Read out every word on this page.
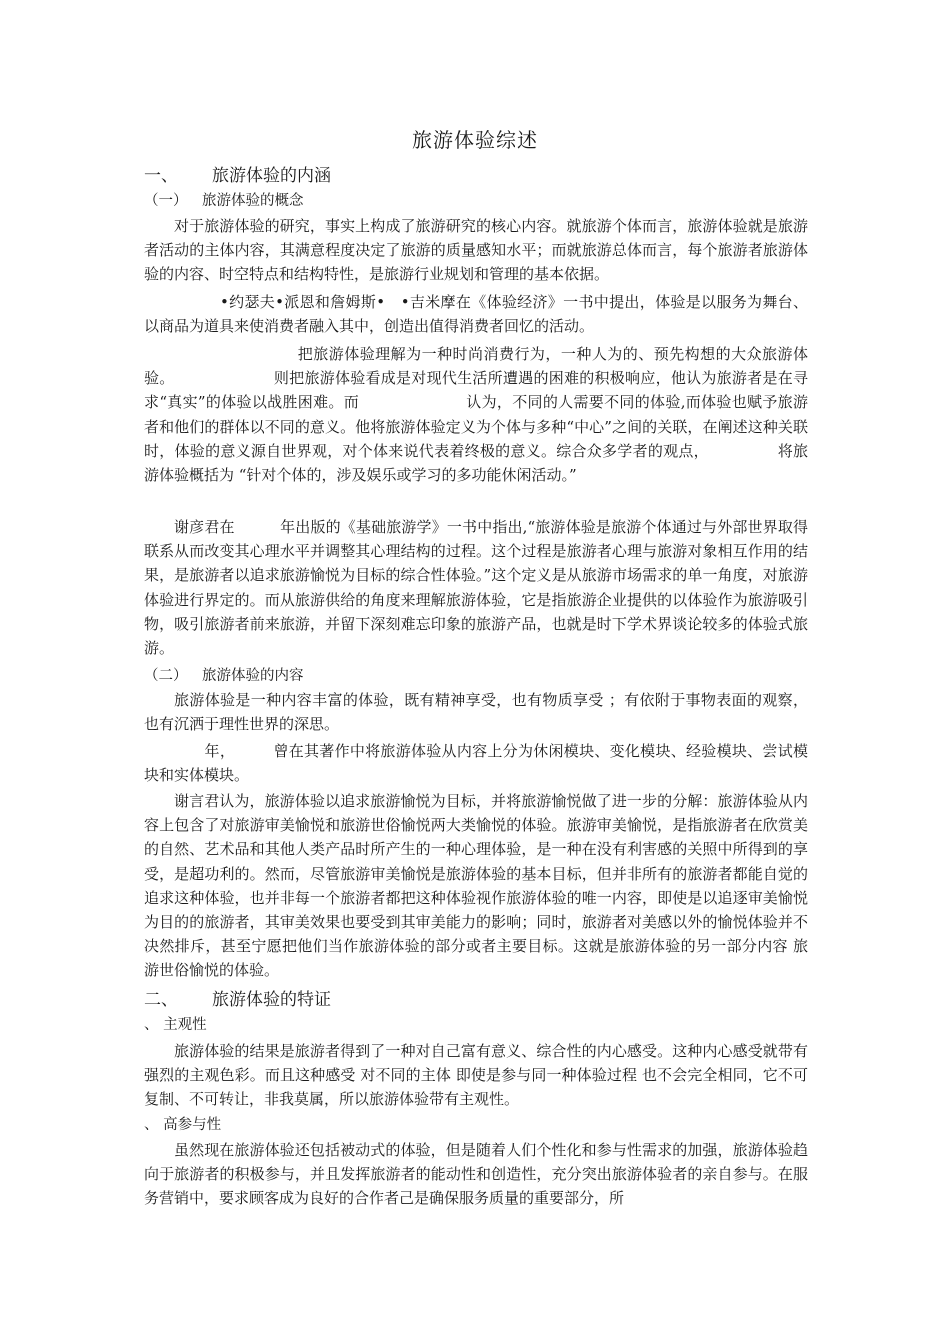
旅游体验综述
一、 旅游体验的内涵
（一） 旅游体验的概念
对于旅游体验的研究，事实上构成了旅游研究的核心内容。就旅游个体而言，旅游体验就是旅游者活动的主体内容，其满意程度决定了旅游的质量感知水平；而就旅游总体而言，每个旅游者旅游体验的内容、时空特点和结构特性，是旅游行业规划和管理的基本依据。
　　　•约瑟夫•派恩和詹姆斯•　•吉米摩在《体验经济》一书中提出，体验是以服务为舞台、以商品为道具来使消费者融入其中，创造出值得消费者回忆的活动。
　　　　　　　　把旅游体验理解为一种时尚消费行为，一种人为的、预先构想的大众旅游体验。　　　　　　　则把旅游体验看成是对现代生活所遭遇的困难的积极响应，他认为旅游者是在寻求“真实”的体验以战胜困难。而　　　　　　　认为，不同的人需要不同的体验,而体验也赋予旅游者和他们的群体以不同的意义。他将旅游体验定义为个体与多种“中心”之间的关联，在阐述这种关联时，体验的意义源自世界观，对个体来说代表着终极的意义。综合众多学者的观点，　　　　　将旅游体验概括为 “针对个体的，涉及娱乐或学习的多功能休闲活动。”
谢彦君在　　　年出版的《基础旅游学》一书中指出,“旅游体验是旅游个体通过与外部世界取得联系从而改变其心理水平并调整其心理结构的过程。这个过程是旅游者心理与旅游对象相互作用的结果，是旅游者以追求旅游愉悦为目标的综合性体验。”这个定义是从旅游市场需求的单一角度，对旅游体验进行界定的。而从旅游供给的角度来理解旅游体验，它是指旅游企业提供的以体验作为旅游吸引物，吸引旅游者前来旅游，并留下深刻难忘印象的旅游产品，也就是时下学术界谈论较多的体验式旅游。
（二） 旅游体验的内容
旅游体验是一种内容丰富的体验，既有精神享受，也有物质享受 ；有依附于事物表面的观察，也有沉洒于理性世界的深思。
　　年，　　　曾在其著作中将旅游体验从内容上分为休闲模块、变化模块、经验模块、尝试模块和实体模块。
谢言君认为，旅游体验以追求旅游愉悦为目标，并将旅游愉悦做了进一步的分解：旅游体验从内容上包含了对旅游审美愉悦和旅游世俗愉悦两大类愉悦的体验。旅游审美愉悦，是指旅游者在欣赏美的自然、艺术品和其他人类产品时所产生的一种心理体验，是一种在没有利害感的关照中所得到的享受，是超功利的。然而，尽管旅游审美愉悦是旅游体验的基本目标，但并非所有的旅游者都能自觉的追求这种体验，也并非每一个旅游者都把这种体验视作旅游体验的唯一内容，即使是以追逐审美愉悦为目的的旅游者，其审美效果也要受到其审美能力的影响；同时，旅游者对美感以外的愉悦体验并不决然排斥，甚至宁愿把他们当作旅游体验的部分或者主要目标。这就是旅游体验的另一部分内容 旅游世俗愉悦的体验。
二、 旅游体验的特证
、 主观性
旅游体验的结果是旅游者得到了一种对自己富有意义、综合性的内心感受。这种内心感受就带有强烈的主观色彩。而且这种感受 对不同的主体 即使是参与同一种体验过程 也不会完全相同，它不可复制、不可转让，非我莫属，所以旅游体验带有主观性。
、 高参与性
虽然现在旅游体验还包括被动式的体验，但是随着人们个性化和参与性需求的加强，旅游体验趋向于旅游者的积极参与，并且发挥旅游者的能动性和创造性，充分突出旅游体验者的亲自参与。在服务营销中，要求顾客成为良好的合作者己是确保服务质量的重要部分，所
